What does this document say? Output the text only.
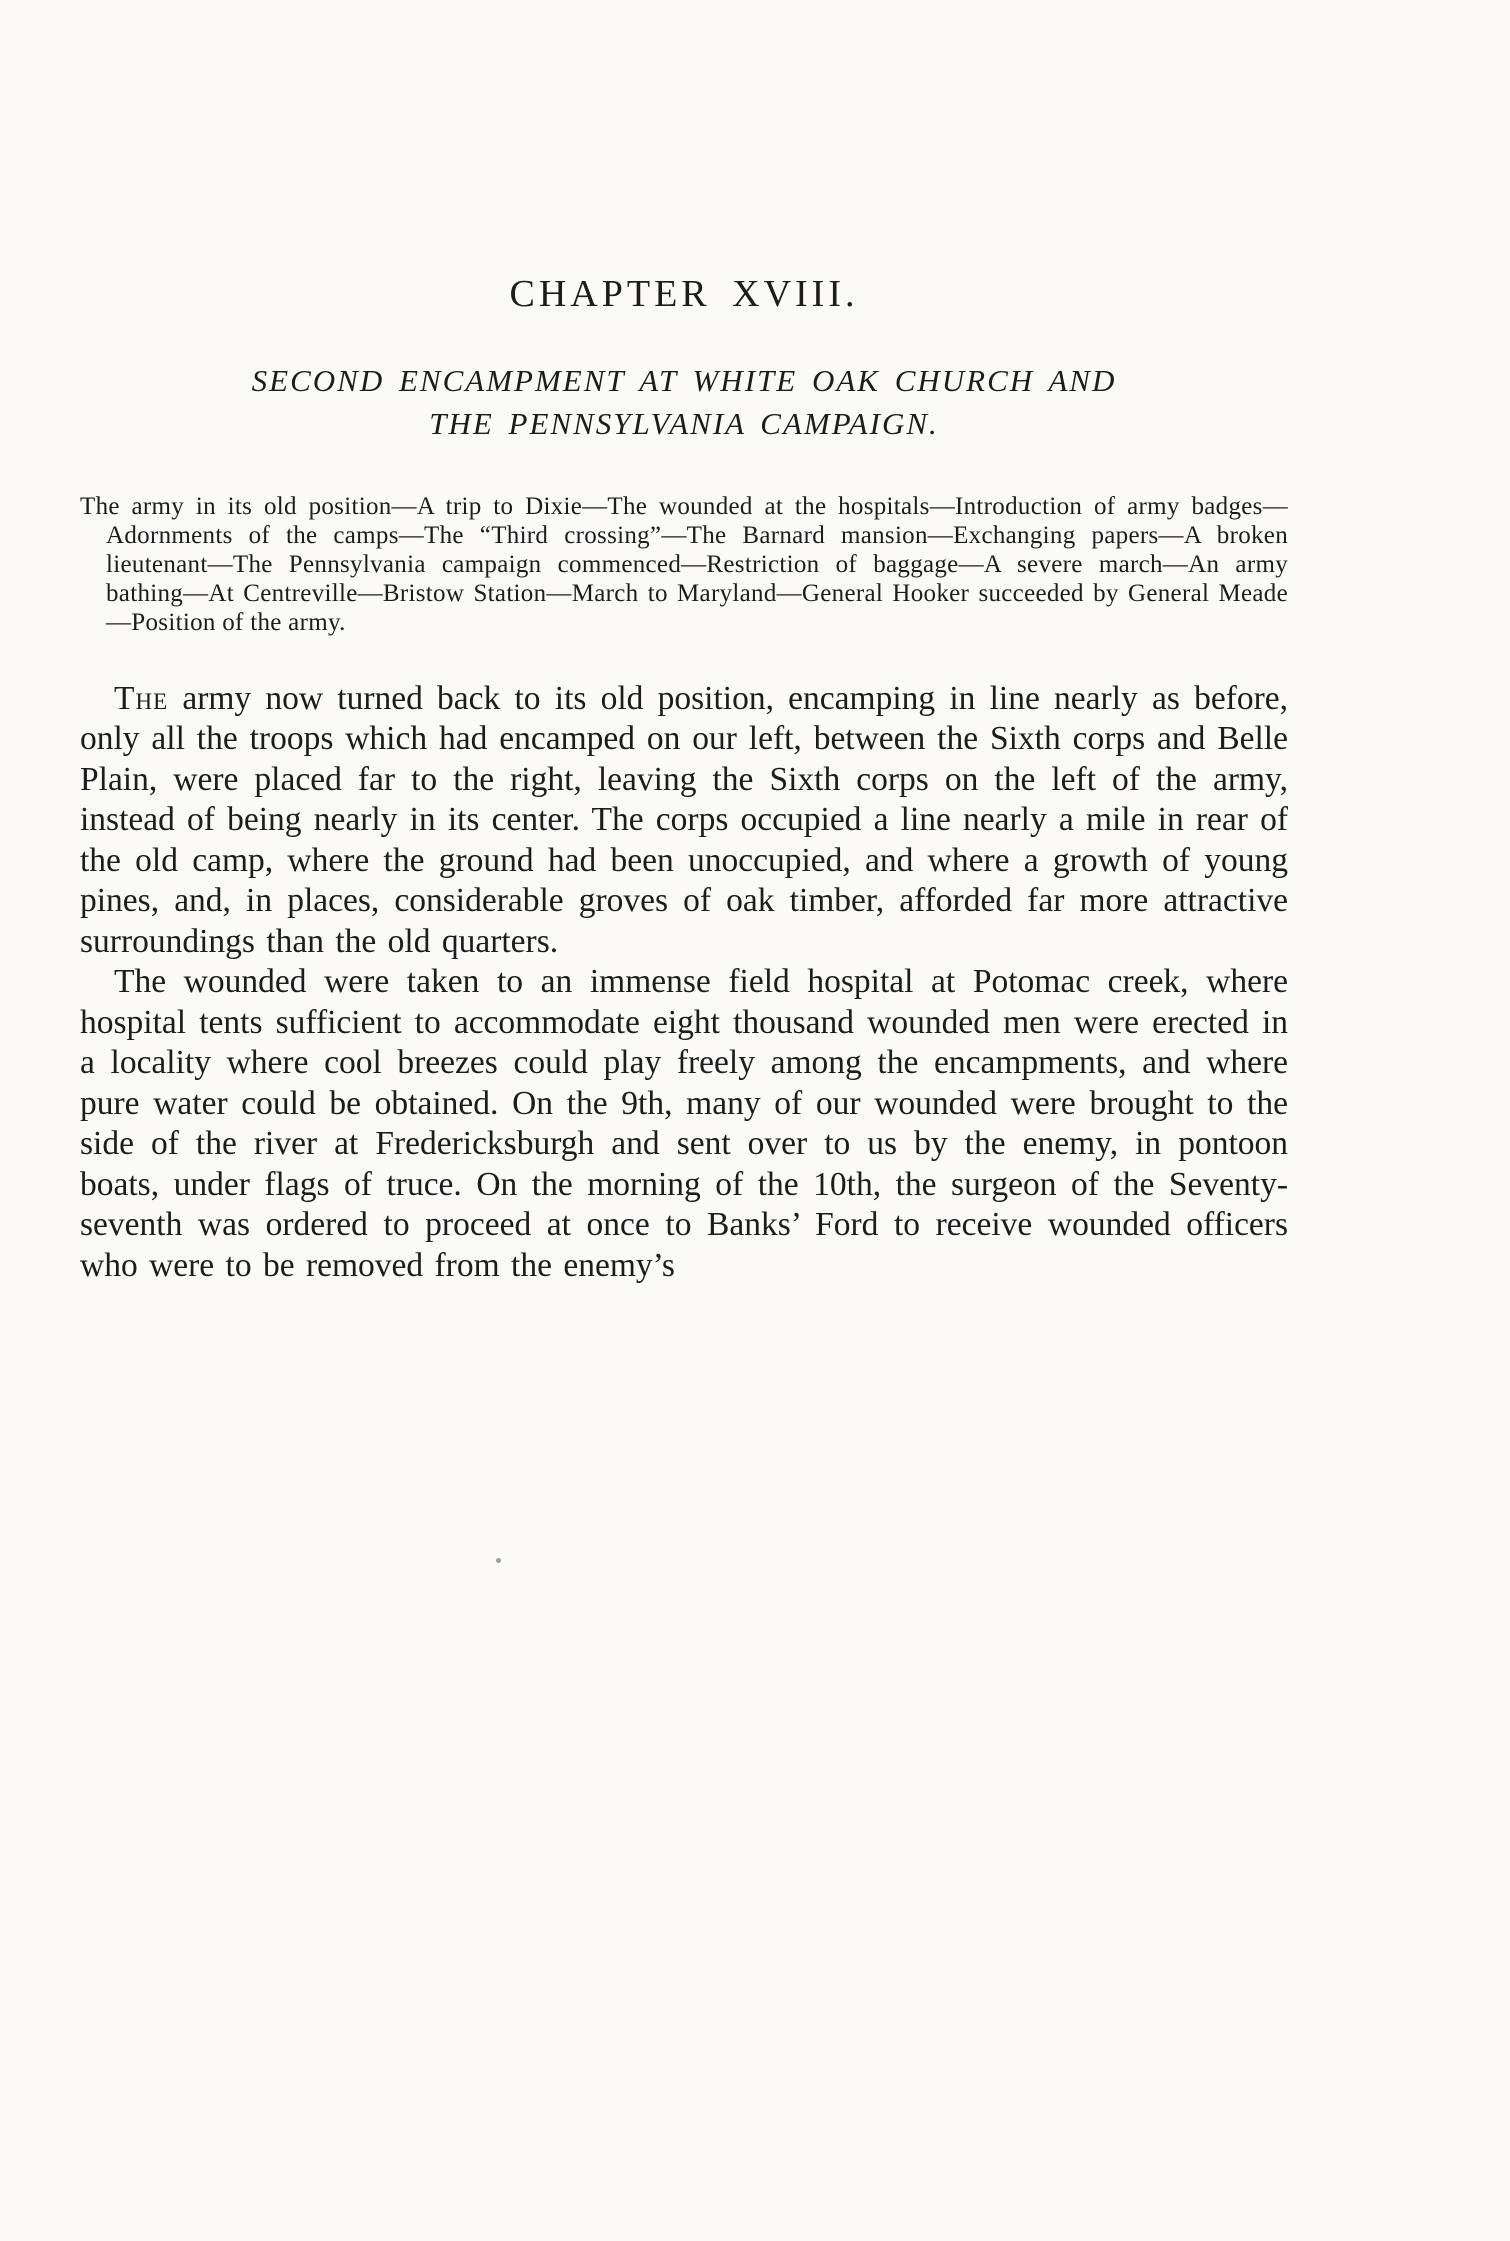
CHAPTER XVIII.
SECOND ENCAMPMENT AT WHITE OAK CHURCH AND
THE PENNSYLVANIA CAMPAIGN.

The army in its old position—A trip to Dixie—The wounded at the hospitals—Introduction of army badges—Adornments of the camps—The “Third crossing”—The Barnard mansion—Exchanging papers—A broken lieutenant—The Pennsylvania campaign commenced—Restriction of baggage—A severe march—An army bathing—At Centreville—Bristow Station—March to Maryland—General Hooker succeeded by General Meade—Position of the army.

The army now turned back to its old position, encamping in line nearly as before, only all the troops which had encamped on our left, between the Sixth corps and Belle Plain, were placed far to the right, leaving the Sixth corps on the left of the army, instead of being nearly in its center. The corps occupied a line nearly a mile in rear of the old camp, where the ground had been unoccupied, and where a growth of young pines, and, in places, considerable groves of oak timber, afforded far more attractive surroundings than the old quarters.

The wounded were taken to an immense field hospital at Potomac creek, where hospital tents sufficient to accommodate eight thousand wounded men were erected in a locality where cool breezes could play freely among the encampments, and where pure water could be obtained. On the 9th, many of our wounded were brought to the side of the river at Fredericksburgh and sent over to us by the enemy, in pontoon boats, under flags of truce. On the morning of the 10th, the surgeon of the Seventy-seventh was ordered to proceed at once to Banks’ Ford to receive wounded officers who were to be removed from the enemy’s
